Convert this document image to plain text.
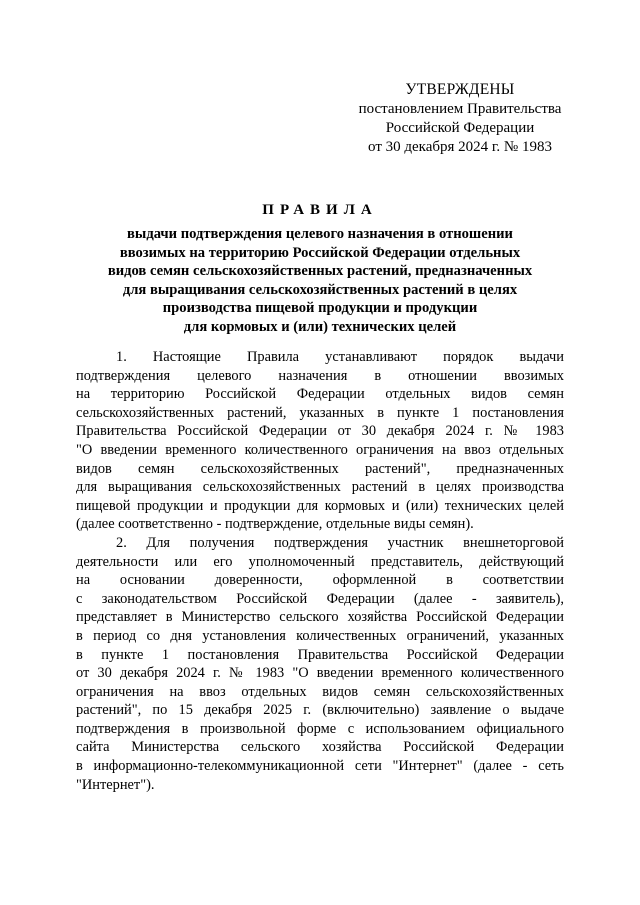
УТВЕРЖДЕНЫ
постановлением Правительства
Российской Федерации
от 30 декабря 2024 г. № 1983
ПРАВИЛА
выдачи подтверждения целевого назначения в отношении
ввозимых на территорию Российской Федерации отдельных
видов семян сельскохозяйственных растений, предназначенных
для выращивания сельскохозяйственных растений в целях
производства пищевой продукции и продукции
для кормовых и (или) технических целей
1. Настоящие Правила устанавливают порядок выдачи
подтверждения целевого назначения в отношении ввозимых
на территорию Российской Федерации отдельных видов семян
сельскохозяйственных растений, указанных в пункте 1 постановления
Правительства Российской Федерации от 30 декабря 2024 г. № 1983
"О введении временного количественного ограничения на ввоз отдельных
видов семян сельскохозяйственных растений", предназначенных
для выращивания сельскохозяйственных растений в целях производства
пищевой продукции и продукции для кормовых и (или) технических целей
(далее соответственно - подтверждение, отдельные виды семян).
2. Для получения подтверждения участник внешнеторговой
деятельности или его уполномоченный представитель, действующий
на основании доверенности, оформленной в соответствии
с законодательством Российской Федерации (далее - заявитель),
представляет в Министерство сельского хозяйства Российской Федерации
в период со дня установления количественных ограничений, указанных
в пункте 1 постановления Правительства Российской Федерации
от 30 декабря 2024 г. № 1983 "О введении временного количественного
ограничения на ввоз отдельных видов семян сельскохозяйственных
растений", по 15 декабря 2025 г. (включительно) заявление о выдаче
подтверждения в произвольной форме с использованием официального
сайта Министерства сельского хозяйства Российской Федерации
в информационно-телекоммуникационной сети "Интернет" (далее - сеть
"Интернет").
